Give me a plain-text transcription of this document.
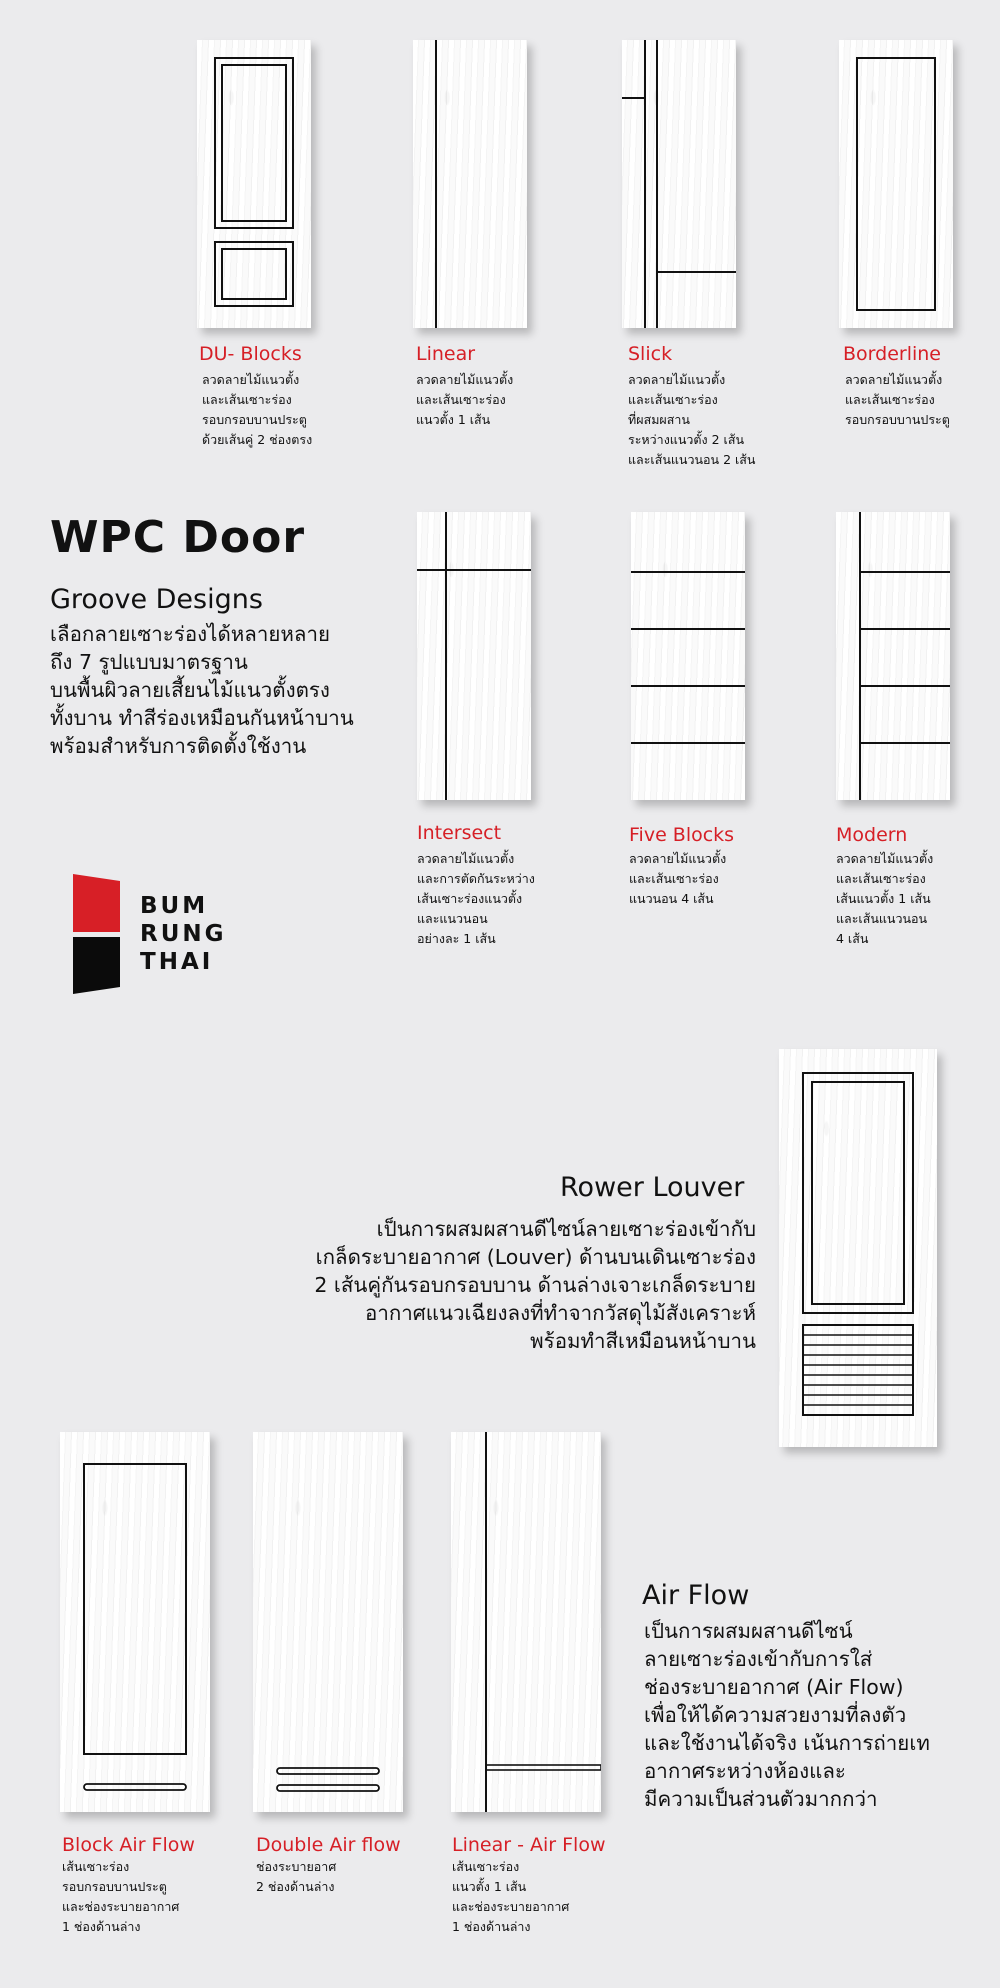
DU- Blocks
ลวดลายไม้แนวตั้ง
และเส้นเซาะร่อง
รอบกรอบบานประตู
ด้วยเส้นคู่ 2 ช่องตรง
Linear
ลวดลายไม้แนวตั้ง
และเส้นเซาะร่อง
แนวตั้ง 1 เส้น
Slick
ลวดลายไม้แนวตั้ง
และเส้นเซาะร่อง
ที่ผสมผสาน
ระหว่างแนวตั้ง 2 เส้น
และเส้นแนวนอน 2 เส้น
Borderline
ลวดลายไม้แนวตั้ง
และเส้นเซาะร่อง
รอบกรอบบานประตู
WPC Door
Groove Designs
เลือกลายเซาะร่องได้หลายหลาย
ถึง 7 รูปแบบมาตรฐาน
บนพื้นผิวลายเสี้ยนไม้แนวตั้งตรง
ทั้งบาน ทำสีร่องเหมือนกันหน้าบาน
พร้อมสำหรับการติดตั้งใช้งาน
Intersect
ลวดลายไม้แนวตั้ง
และการตัดกันระหว่าง
เส้นเซาะร่องแนวตั้ง
และแนวนอน
อย่างละ 1 เส้น
Five Blocks
ลวดลายไม้แนวตั้ง
และเส้นเซาะร่อง
แนวนอน 4 เส้น
Modern
ลวดลายไม้แนวตั้ง
และเส้นเซาะร่อง
เส้นแนวตั้ง 1 เส้น
และเส้นแนวนอน
4 เส้น
BUM
RUNG
THAI
Rower Louver
เป็นการผสมผสานดีไซน์ลายเซาะร่องเข้ากับ
เกล็ดระบายอากาศ (Louver) ด้านบนเดินเซาะร่อง
2 เส้นคู่กันรอบกรอบบาน ด้านล่างเจาะเกล็ดระบาย
อากาศแนวเฉียงลงที่ทำจากวัสดุไม้สังเคราะห์
พร้อมทำสีเหมือนหน้าบาน
Block Air Flow
เส้นเซาะร่อง
รอบกรอบบานประตู
และช่องระบายอากาศ
1 ช่องด้านล่าง
Double Air flow
ช่องระบายอาศ
2 ช่องด้านล่าง
Linear - Air Flow
เส้นเซาะร่อง
แนวตั้ง 1 เส้น
และช่องระบายอากาศ
1 ช่องด้านล่าง
Air Flow
เป็นการผสมผสานดีไซน์
ลายเซาะร่องเข้ากับการใส่
ช่องระบายอากาศ (Air Flow)
เพื่อให้ได้ความสวยงามที่ลงตัว
และใช้งานได้จริง เน้นการถ่ายเท
อากาศระหว่างห้องและ
มีความเป็นส่วนตัวมากกว่า
